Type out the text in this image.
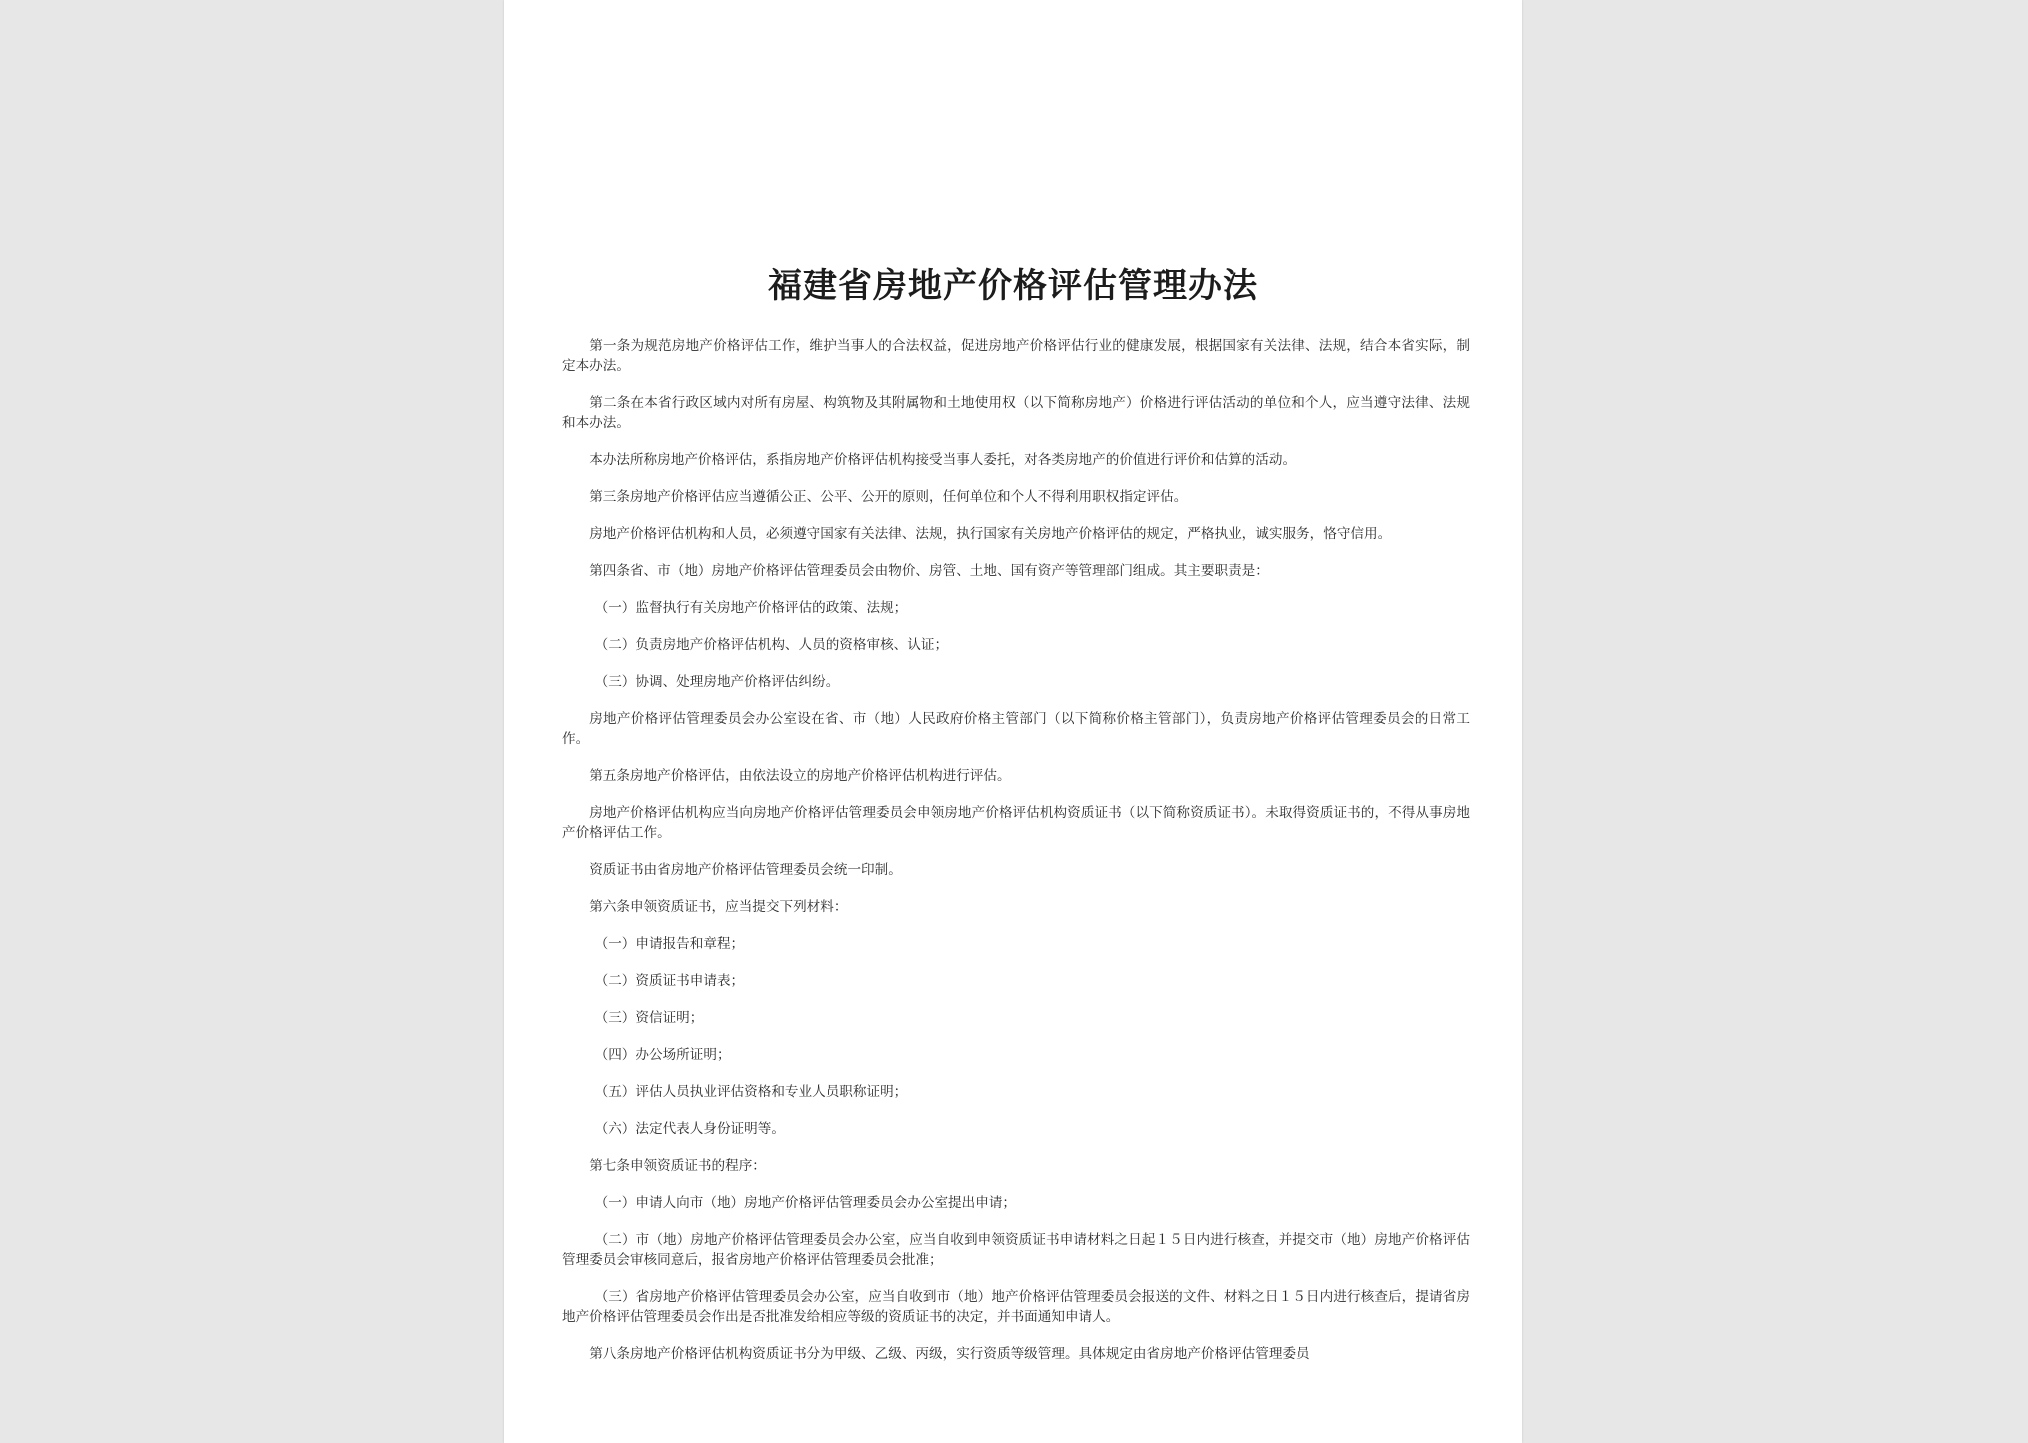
福建省房地产价格评估管理办法

第一条为规范房地产价格评估工作，维护当事人的合法权益，促进房地产价格评估行业的健康发展，根据国家有关法律、法规，结合本省实际，制定本办法。

第二条在本省行政区域内对所有房屋、构筑物及其附属物和土地使用权（以下简称房地产）价格进行评估活动的单位和个人，应当遵守法律、法规和本办法。

本办法所称房地产价格评估，系指房地产价格评估机构接受当事人委托，对各类房地产的价值进行评价和估算的活动。

第三条房地产价格评估应当遵循公正、公平、公开的原则，任何单位和个人不得利用职权指定评估。

房地产价格评估机构和人员，必须遵守国家有关法律、法规，执行国家有关房地产价格评估的规定，严格执业，诚实服务，恪守信用。

第四条省、市（地）房地产价格评估管理委员会由物价、房管、土地、国有资产等管理部门组成。其主要职责是：

（一）监督执行有关房地产价格评估的政策、法规；

（二）负责房地产价格评估机构、人员的资格审核、认证；

（三）协调、处理房地产价格评估纠纷。

房地产价格评估管理委员会办公室设在省、市（地）人民政府价格主管部门（以下简称价格主管部门），负责房地产价格评估管理委员会的日常工作。

第五条房地产价格评估，由依法设立的房地产价格评估机构进行评估。

房地产价格评估机构应当向房地产价格评估管理委员会申领房地产价格评估机构资质证书（以下简称资质证书）。未取得资质证书的，不得从事房地产价格评估工作。

资质证书由省房地产价格评估管理委员会统一印制。

第六条申领资质证书，应当提交下列材料：

（一）申请报告和章程；

（二）资质证书申请表；

（三）资信证明；

（四）办公场所证明；

（五）评估人员执业评估资格和专业人员职称证明；

（六）法定代表人身份证明等。

第七条申领资质证书的程序：

（一）申请人向市（地）房地产价格评估管理委员会办公室提出申请；

（二）市（地）房地产价格评估管理委员会办公室，应当自收到申领资质证书申请材料之日起１５日内进行核查，并提交市（地）房地产价格评估管理委员会审核同意后，报省房地产价格评估管理委员会批准；

（三）省房地产价格评估管理委员会办公室，应当自收到市（地）地产价格评估管理委员会报送的文件、材料之日１５日内进行核查后，提请省房地产价格评估管理委员会作出是否批准发给相应等级的资质证书的决定，并书面通知申请人。

第八条房地产价格评估机构资质证书分为甲级、乙级、丙级，实行资质等级管理。具体规定由省房地产价格评估管理委员
